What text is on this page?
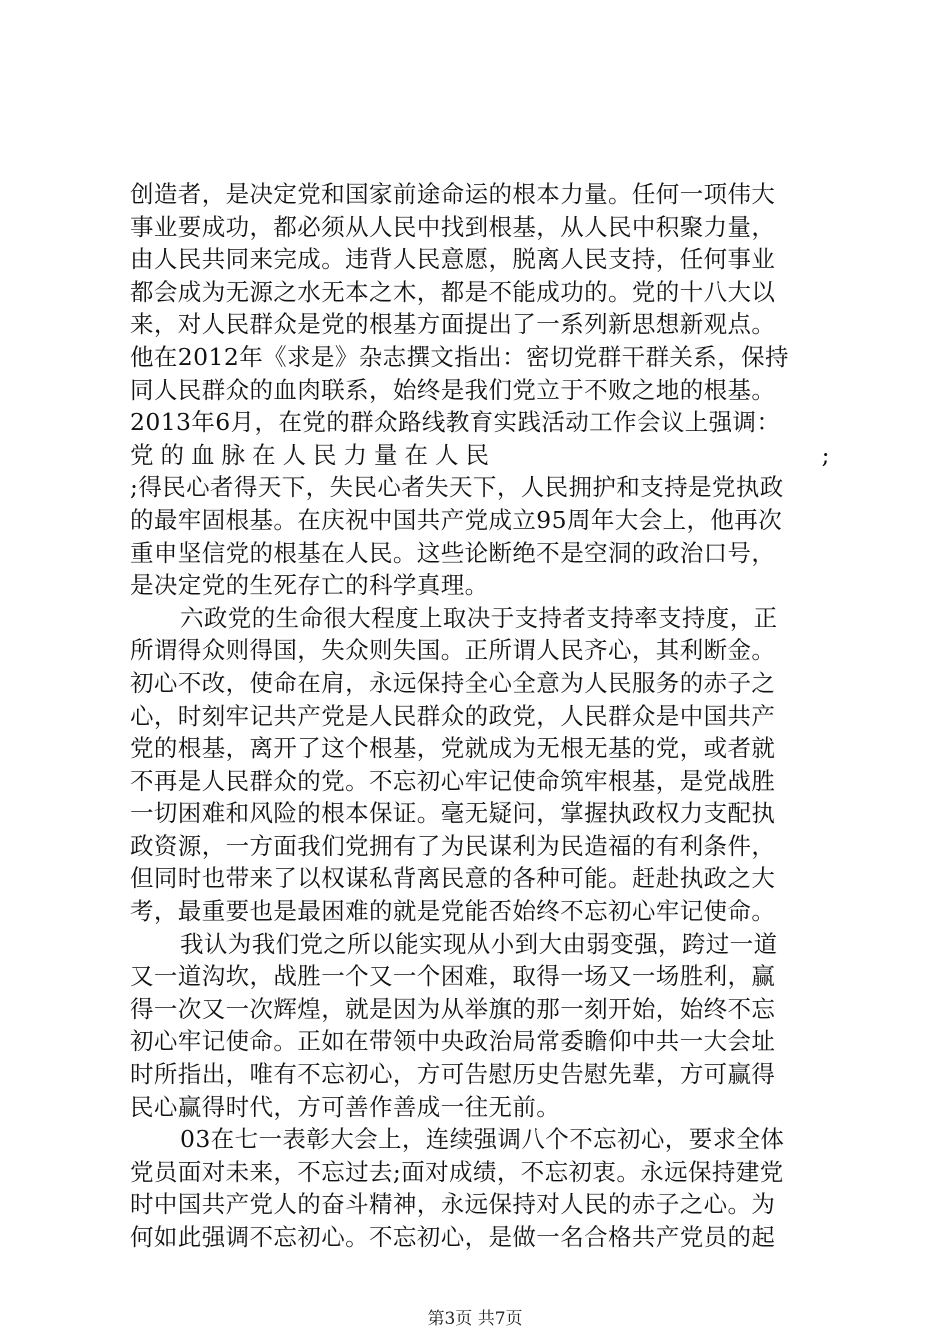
创造者，是决定党和国家前途命运的根本力量。任何一项伟大
事业要成功，都必须从人民中找到根基，从人民中积聚力量，
由人民共同来完成。违背人民意愿，脱离人民支持，任何事业
都会成为无源之水无本之木，都是不能成功的。党的十八大以
来，对人民群众是党的根基方面提出了一系列新思想新观点。
他在2012年《求是》杂志撰文指出：密切党群干群关系，保持
同人民群众的血肉联系，始终是我们党立于不败之地的根基。
2013年6月，在党的群众路线教育实践活动工作会议上强调：
党的血脉在人民力量在人民	;
;得民心者得天下，失民心者失天下，人民拥护和支持是党执政
的最牢固根基。在庆祝中国共产党成立95周年大会上，他再次
重申坚信党的根基在人民。这些论断绝不是空洞的政治口号，
是决定党的生死存亡的科学真理。
六政党的生命很大程度上取决于支持者支持率支持度，正
所谓得众则得国，失众则失国。正所谓人民齐心，其利断金。
初心不改，使命在肩，永远保持全心全意为人民服务的赤子之
心，时刻牢记共产党是人民群众的政党，人民群众是中国共产
党的根基，离开了这个根基，党就成为无根无基的党，或者就
不再是人民群众的党。不忘初心牢记使命筑牢根基，是党战胜
一切困难和风险的根本保证。毫无疑问，掌握执政权力支配执
政资源，一方面我们党拥有了为民谋利为民造福的有利条件，
但同时也带来了以权谋私背离民意的各种可能。赶赴执政之大
考，最重要也是最困难的就是党能否始终不忘初心牢记使命。
我认为我们党之所以能实现从小到大由弱变强，跨过一道
又一道沟坎，战胜一个又一个困难，取得一场又一场胜利，赢
得一次又一次辉煌，就是因为从举旗的那一刻开始，始终不忘
初心牢记使命。正如在带领中央政治局常委瞻仰中共一大会址
时所指出，唯有不忘初心，方可告慰历史告慰先辈，方可赢得
民心赢得时代，方可善作善成一往无前。
03在七一表彰大会上，连续强调八个不忘初心，要求全体
党员面对未来，不忘过去;面对成绩，不忘初衷。永远保持建党
时中国共产党人的奋斗精神，永远保持对人民的赤子之心。为
何如此强调不忘初心。不忘初心，是做一名合格共产党员的起
第3页 共7页
